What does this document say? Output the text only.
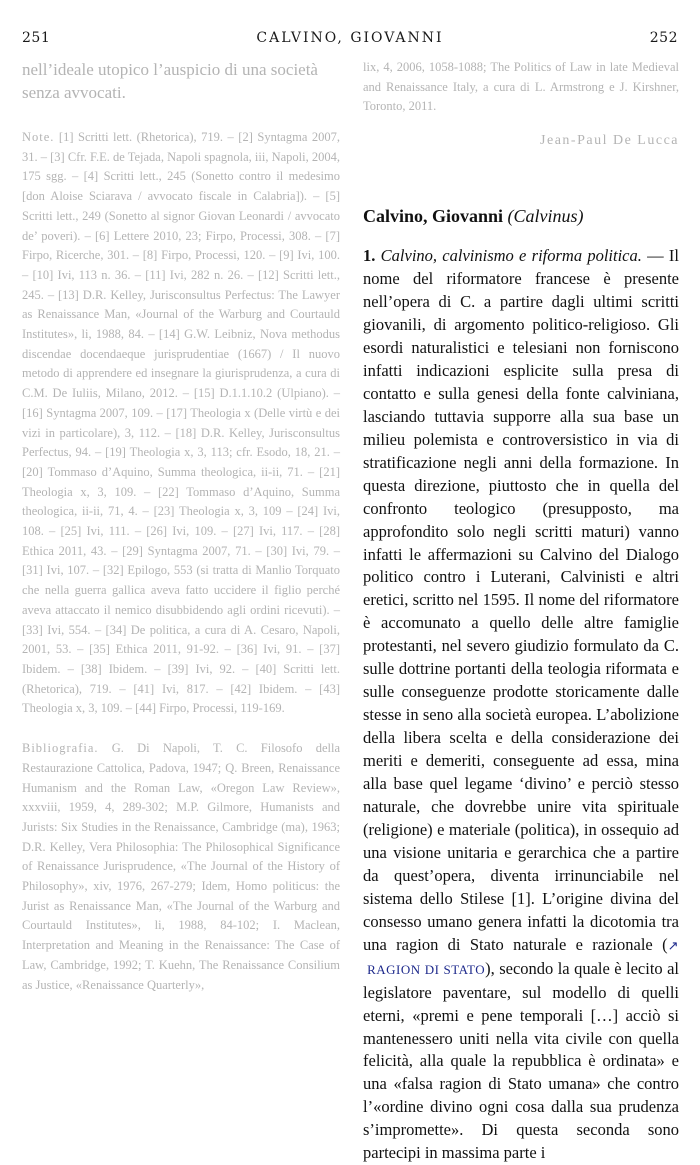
251	CALVINO, GIOVANNI	252

nell’ideale utopico l’auspicio di una società senza avvocati.

Note. [1] Scritti lett. (Rhetorica), 719. – [2] Syntagma 2007, 31. – [3] Cfr. F.E. de Tejada, Napoli spagnola, iii, Napoli, 2004, 175 sgg. – [4] Scritti lett., 245 (Sonetto contro il medesimo [don Aloise Sciarava / avvocato fiscale in Calabria]). – [5] Scritti lett., 249 (Sonetto al signor Giovan Leonardi / avvocato de’ poveri). – [6] Lettere 2010, 23; Firpo, Processi, 308. – [7] Firpo, Ricerche, 301. – [8] Firpo, Processi, 120. – [9] Ivi, 100. – [10] Ivi, 113 n. 36. – [11] Ivi, 282 n. 26. – [12] Scritti lett., 245. – [13] D.R. Kelley, Jurisconsultus Perfectus: The Lawyer as Renaissance Man, «Journal of the Warburg and Courtauld Institutes», li, 1988, 84. – [14] G.W. Leibniz, Nova methodus discendae docendaeque jurisprudentiae (1667) / Il nuovo metodo di apprendere ed insegnare la giurisprudenza, a cura di C.M. De Iuliis, Milano, 2012. – [15] D.1.1.10.2 (Ulpiano). – [16] Syntagma 2007, 109. – [17] Theologia x (Delle virtù e dei vizi in particolare), 3, 112. – [18] D.R. Kelley, Jurisconsultus Perfectus, 94. – [19] Theologia x, 3, 113; cfr. Esodo, 18, 21. – [20] Tommaso d’Aquino, Summa theologica, ii-ii, 71. – [21] Theologia x, 3, 109. – [22] Tommaso d’Aquino, Summa theologica, ii-ii, 71, 4. – [23] Theologia x, 3, 109 – [24] Ivi, 108. – [25] Ivi, 111. – [26] Ivi, 109. – [27] Ivi, 117. – [28] Ethica 2011, 43. – [29] Syntagma 2007, 71. – [30] Ivi, 79. – [31] Ivi, 107. – [32] Epilogo, 553 (si tratta di Manlio Torquato che nella guerra gallica aveva fatto uccidere il figlio perché aveva attaccato il nemico disubbidendo agli ordini ricevuti). – [33] Ivi, 554. – [34] De politica, a cura di A. Cesaro, Napoli, 2001, 53. – [35] Ethica 2011, 91-92. – [36] Ivi, 91. – [37] Ibidem. – [38] Ibidem. – [39] Ivi, 92. – [40] Scritti lett. (Rhetorica), 719. – [41] Ivi, 817. – [42] Ibidem. – [43] Theologia x, 3, 109. – [44] Firpo, Processi, 119-169.

Bibliografia. G. Di Napoli, T. C. Filosofo della Restaurazione Cattolica, Padova, 1947; Q. Breen, Renaissance Humanism and the Roman Law, «Oregon Law Review», xxxviii, 1959, 4, 289-302; M.P. Gilmore, Humanists and Jurists: Six Studies in the Renaissance, Cambridge (ma), 1963; D.R. Kelley, Vera Philosophia: The Philosophical Significance of Renaissance Jurisprudence, «The Journal of the History of Philosophy», xiv, 1976, 267-279; Idem, Homo politicus: the Jurist as Renaissance Man, «The Journal of the Warburg and Courtauld Institutes», li, 1988, 84-102; I. Maclean, Interpretation and Meaning in the Renaissance: The Case of Law, Cambridge, 1992; T. Kuehn, The Renaissance Consilium as Justice, «Renaissance Quarterly»,

lix, 4, 2006, 1058-1088; The Politics of Law in late Medieval and Renaissance Italy, a cura di L. Armstrong e J. Kirshner, Toronto, 2011.

Jean-Paul De Lucca
Calvino, Giovanni (Calvinus)

1. Calvino, calvinismo e riforma politica. — Il nome del riformatore francese è presente nell’opera di C. a partire dagli ultimi scritti giovanili, di argomento politico-religioso. Gli esordi naturalistici e telesiani non forniscono infatti indicazioni esplicite sulla presa di contatto e sulla genesi della fonte calviniana, lasciando tuttavia supporre alla sua base un milieu polemista e controversistico in via di stratificazione negli anni della formazione. In questa direzione, piuttosto che in quella del confronto teologico (presupposto, ma approfondito solo negli scritti maturi) vanno infatti le affermazioni su Calvino del Dialogo politico contro i Luterani, Calvinisti e altri eretici, scritto nel 1595. Il nome del riformatore è accomunato a quello delle altre famiglie protestanti, nel severo giudizio formulato da C. sulle dottrine portanti della teologia riformata e sulle conseguenze prodotte storicamente dalle stesse in seno alla società europea. L’abolizione della libera scelta e della considerazione dei meriti e demeriti, conseguente ad essa, mina alla base quel legame ‘divino’ e perciò stesso naturale, che dovrebbe unire vita spirituale (religione) e materiale (politica), in ossequio ad una visione unitaria e gerarchica che a partire da quest’opera, diventa irrinunciabile nel sistema dello Stilese [1]. L’origine divina del consesso umano genera infatti la dicotomia tra una ragion di Stato naturale e razionale (↗ RAGION DI STATO), secondo la quale è lecito al legislatore paventare, sul modello di quelli eterni, «premi e pene temporali […] acciò si mantenessero uniti nella vita civile con quella felicità, alla quale la repubblica è ordinata» e una «falsa ragion di Stato umana» che contro l’«ordine divino ogni cosa dalla sua prudenza s’impromette». Di questa seconda sono partecipi in massima parte i
